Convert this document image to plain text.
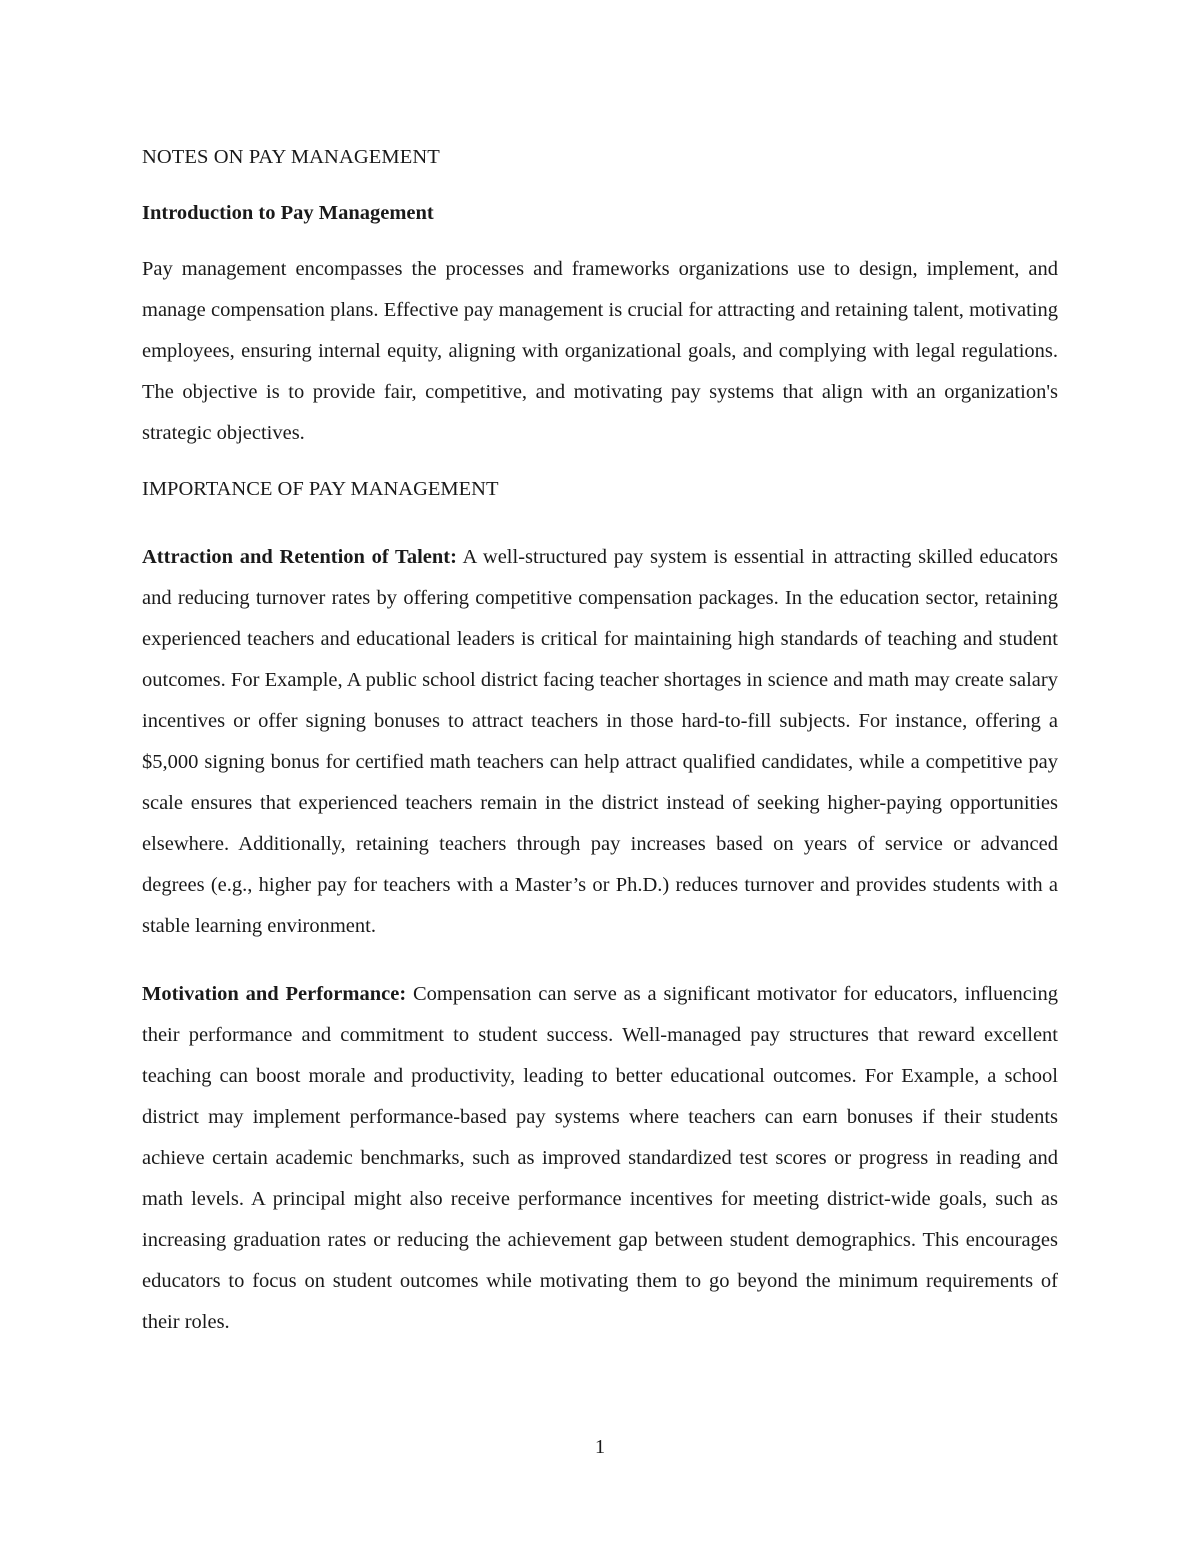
NOTES ON PAY MANAGEMENT

Introduction to Pay Management

Pay management encompasses the processes and frameworks organizations use to design, implement, and manage compensation plans. Effective pay management is crucial for attracting and retaining talent, motivating employees, ensuring internal equity, aligning with organizational goals, and complying with legal regulations. The objective is to provide fair, competitive, and motivating pay systems that align with an organization's strategic objectives.

IMPORTANCE OF PAY MANAGEMENT

Attraction and Retention of Talent: A well-structured pay system is essential in attracting skilled educators and reducing turnover rates by offering competitive compensation packages. In the education sector, retaining experienced teachers and educational leaders is critical for maintaining high standards of teaching and student outcomes. For Example, A public school district facing teacher shortages in science and math may create salary incentives or offer signing bonuses to attract teachers in those hard-to-fill subjects. For instance, offering a $5,000 signing bonus for certified math teachers can help attract qualified candidates, while a competitive pay scale ensures that experienced teachers remain in the district instead of seeking higher-paying opportunities elsewhere. Additionally, retaining teachers through pay increases based on years of service or advanced degrees (e.g., higher pay for teachers with a Master’s or Ph.D.) reduces turnover and provides students with a stable learning environment.

Motivation and Performance: Compensation can serve as a significant motivator for educators, influencing their performance and commitment to student success. Well-managed pay structures that reward excellent teaching can boost morale and productivity, leading to better educational outcomes. For Example, a school district may implement performance-based pay systems where teachers can earn bonuses if their students achieve certain academic benchmarks, such as improved standardized test scores or progress in reading and math levels. A principal might also receive performance incentives for meeting district-wide goals, such as increasing graduation rates or reducing the achievement gap between student demographics. This encourages educators to focus on student outcomes while motivating them to go beyond the minimum requirements of their roles.

1
